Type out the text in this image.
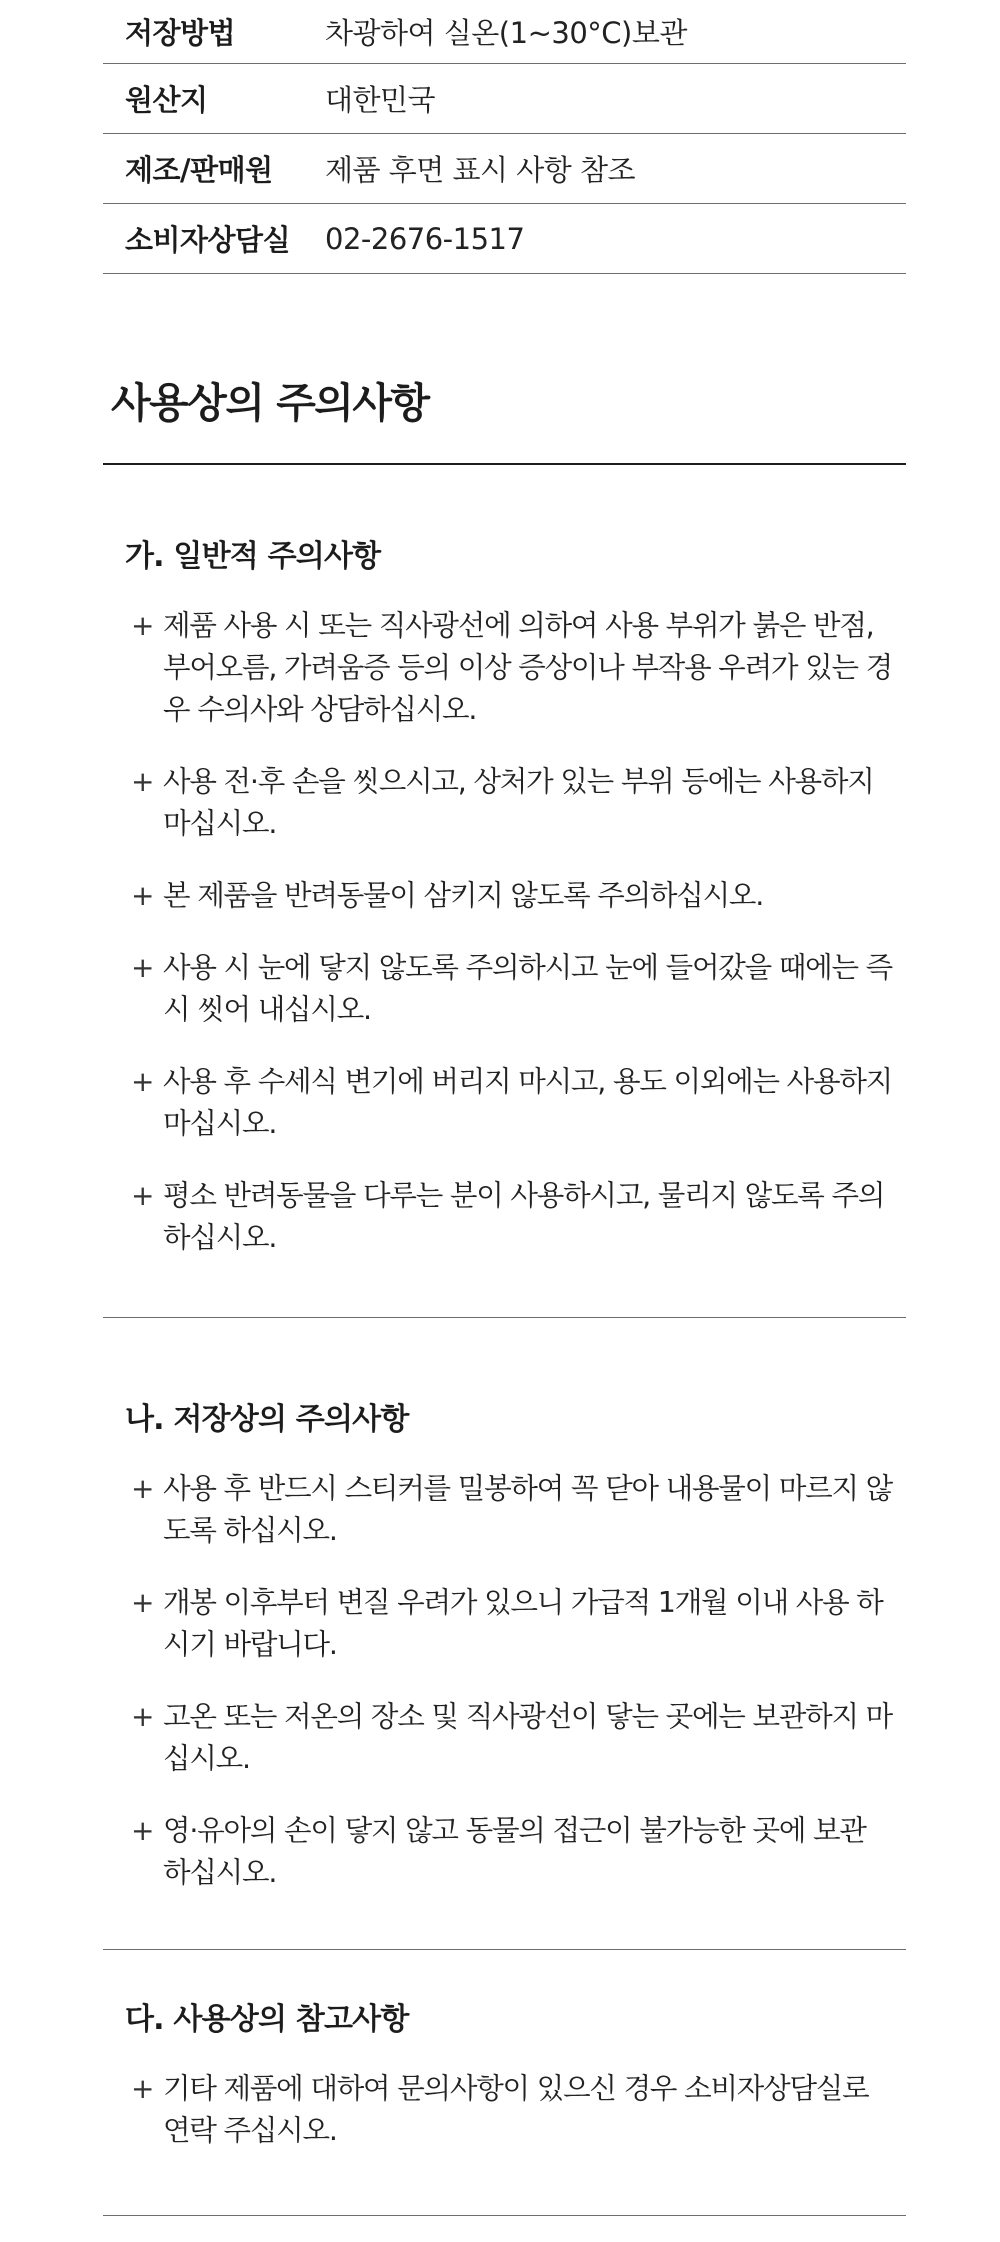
저장방법	차광하여 실온(1~30°C)보관
원산지	대한민국
제조/판매원	제품 후면 표시 사항 참조
소비자상담실	02-2676-1517
사용상의 주의사항
가. 일반적 주의사항
+ 제품 사용 시 또는 직사광선에 의하여 사용 부위가 붉은 반점, 부어오름, 가려움증 등의 이상 증상이나 부작용 우려가 있는 경우 수의사와 상담하십시오.
+ 사용 전·후 손을 씻으시고, 상처가 있는 부위 등에는 사용하지 마십시오.
+ 본 제품을 반려동물이 삼키지 않도록 주의하십시오.
+ 사용 시 눈에 닿지 않도록 주의하시고 눈에 들어갔을 때에는 즉시 씻어 내십시오.
+ 사용 후 수세식 변기에 버리지 마시고, 용도 이외에는 사용하지 마십시오.
+ 평소 반려동물을 다루는 분이 사용하시고, 물리지 않도록 주의 하십시오.
나. 저장상의 주의사항
+ 사용 후 반드시 스티커를 밀봉하여 꼭 닫아 내용물이 마르지 않도록 하십시오.
+ 개봉 이후부터 변질 우려가 있으니 가급적 1개월 이내 사용 하시기 바랍니다.
+ 고온 또는 저온의 장소 및 직사광선이 닿는 곳에는 보관하지 마십시오.
+ 영·유아의 손이 닿지 않고 동물의 접근이 불가능한 곳에 보관 하십시오.
다. 사용상의 참고사항
+ 기타 제품에 대하여 문의사항이 있으신 경우 소비자상담실로 연락 주십시오.
